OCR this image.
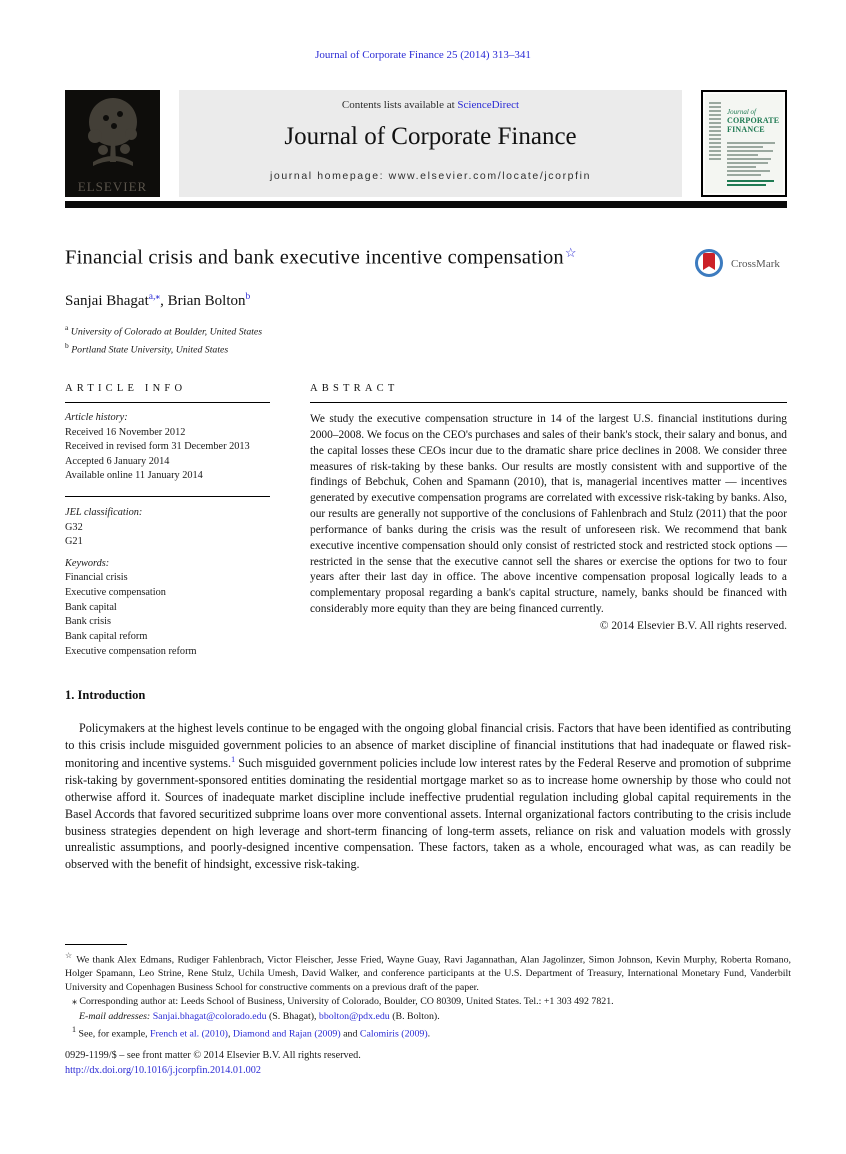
Journal of Corporate Finance 25 (2014) 313–341
ELSEVIER
Contents lists available at ScienceDirect
Journal of Corporate Finance
journal homepage: www.elsevier.com/locate/jcorpfin
Journal of
CORPORATE
FINANCE
Financial crisis and bank executive incentive compensation☆
CrossMark
Sanjai Bhagat$^{a,⁎}$, Brian Bolton$^b$
$^a$ University of Colorado at Boulder, United States
$^b$ Portland State University, United States
ARTICLE INFO
Article history:
Received 16 November 2012
Received in revised form 31 December 2013
Accepted 6 January 2014
Available online 11 January 2014
JEL classification:
G32
G21
Keywords:
Financial crisis
Executive compensation
Bank capital
Bank crisis
Bank capital reform
Executive compensation reform
ABSTRACT
We study the executive compensation structure in 14 of the largest U.S. financial institutions during 2000–2008. We focus on the CEO's purchases and sales of their bank's stock, their salary and bonus, and the capital losses these CEOs incur due to the dramatic share price declines in 2008. We consider three measures of risk-taking by these banks. Our results are mostly consistent with and supportive of the findings of Bebchuk, Cohen and Spamann (2010), that is, managerial incentives matter — incentives generated by executive compensation programs are correlated with excessive risk-taking by banks. Also, our results are generally not supportive of the conclusions of Fahlenbrach and Stulz (2011) that the poor performance of banks during the crisis was the result of unforeseen risk. We recommend that bank executive incentive compensation should only consist of restricted stock and restricted stock options — restricted in the sense that the executive cannot sell the shares or exercise the options for two to four years after their last day in office. The above incentive compensation proposal logically leads to a complementary proposal regarding a bank's capital structure, namely, banks should be financed with considerably more equity than they are being financed currently.
© 2014 Elsevier B.V. All rights reserved.
1. Introduction
Policymakers at the highest levels continue to be engaged with the ongoing global financial crisis. Factors that have been identified as contributing to this crisis include misguided government policies to an absence of market discipline of financial institutions that had inadequate or flawed risk-monitoring and incentive systems.$^1$ Such misguided government policies include low interest rates by the Federal Reserve and promotion of subprime risk-taking by government-sponsored entities dominating the residential mortgage market so as to increase home ownership by those who could not otherwise afford it. Sources of inadequate market discipline include ineffective prudential regulation including global capital requirements in the Basel Accords that favored securitized subprime loans over more conventional assets. Internal organizational factors contributing to the crisis include business strategies dependent on high leverage and short-term financing of long-term assets, reliance on risk and valuation models with grossly unrealistic assumptions, and poorly-designed incentive compensation. These factors, taken as a whole, encouraged what was, as can readily be observed with the benefit of hindsight, excessive risk-taking.
☆ We thank Alex Edmans, Rudiger Fahlenbrach, Victor Fleischer, Jesse Fried, Wayne Guay, Ravi Jagannathan, Alan Jagolinzer, Simon Johnson, Kevin Murphy, Roberta Romano, Holger Spamann, Leo Strine, Rene Stulz, Uchila Umesh, David Walker, and conference participants at the U.S. Department of Treasury, International Monetary Fund, Vanderbilt University and Copenhagen Business School for constructive comments on a previous draft of the paper.
⁎ Corresponding author at: Leeds School of Business, University of Colorado, Boulder, CO 80309, United States. Tel.: +1 303 492 7821.
E-mail addresses: Sanjai.bhagat@colorado.edu (S. Bhagat), bbolton@pdx.edu (B. Bolton).
$^1$ See, for example, French et al. (2010), Diamond and Rajan (2009) and Calomiris (2009).
0929-1199/$ – see front matter © 2014 Elsevier B.V. All rights reserved.
http://dx.doi.org/10.1016/j.jcorpfin.2014.01.002
